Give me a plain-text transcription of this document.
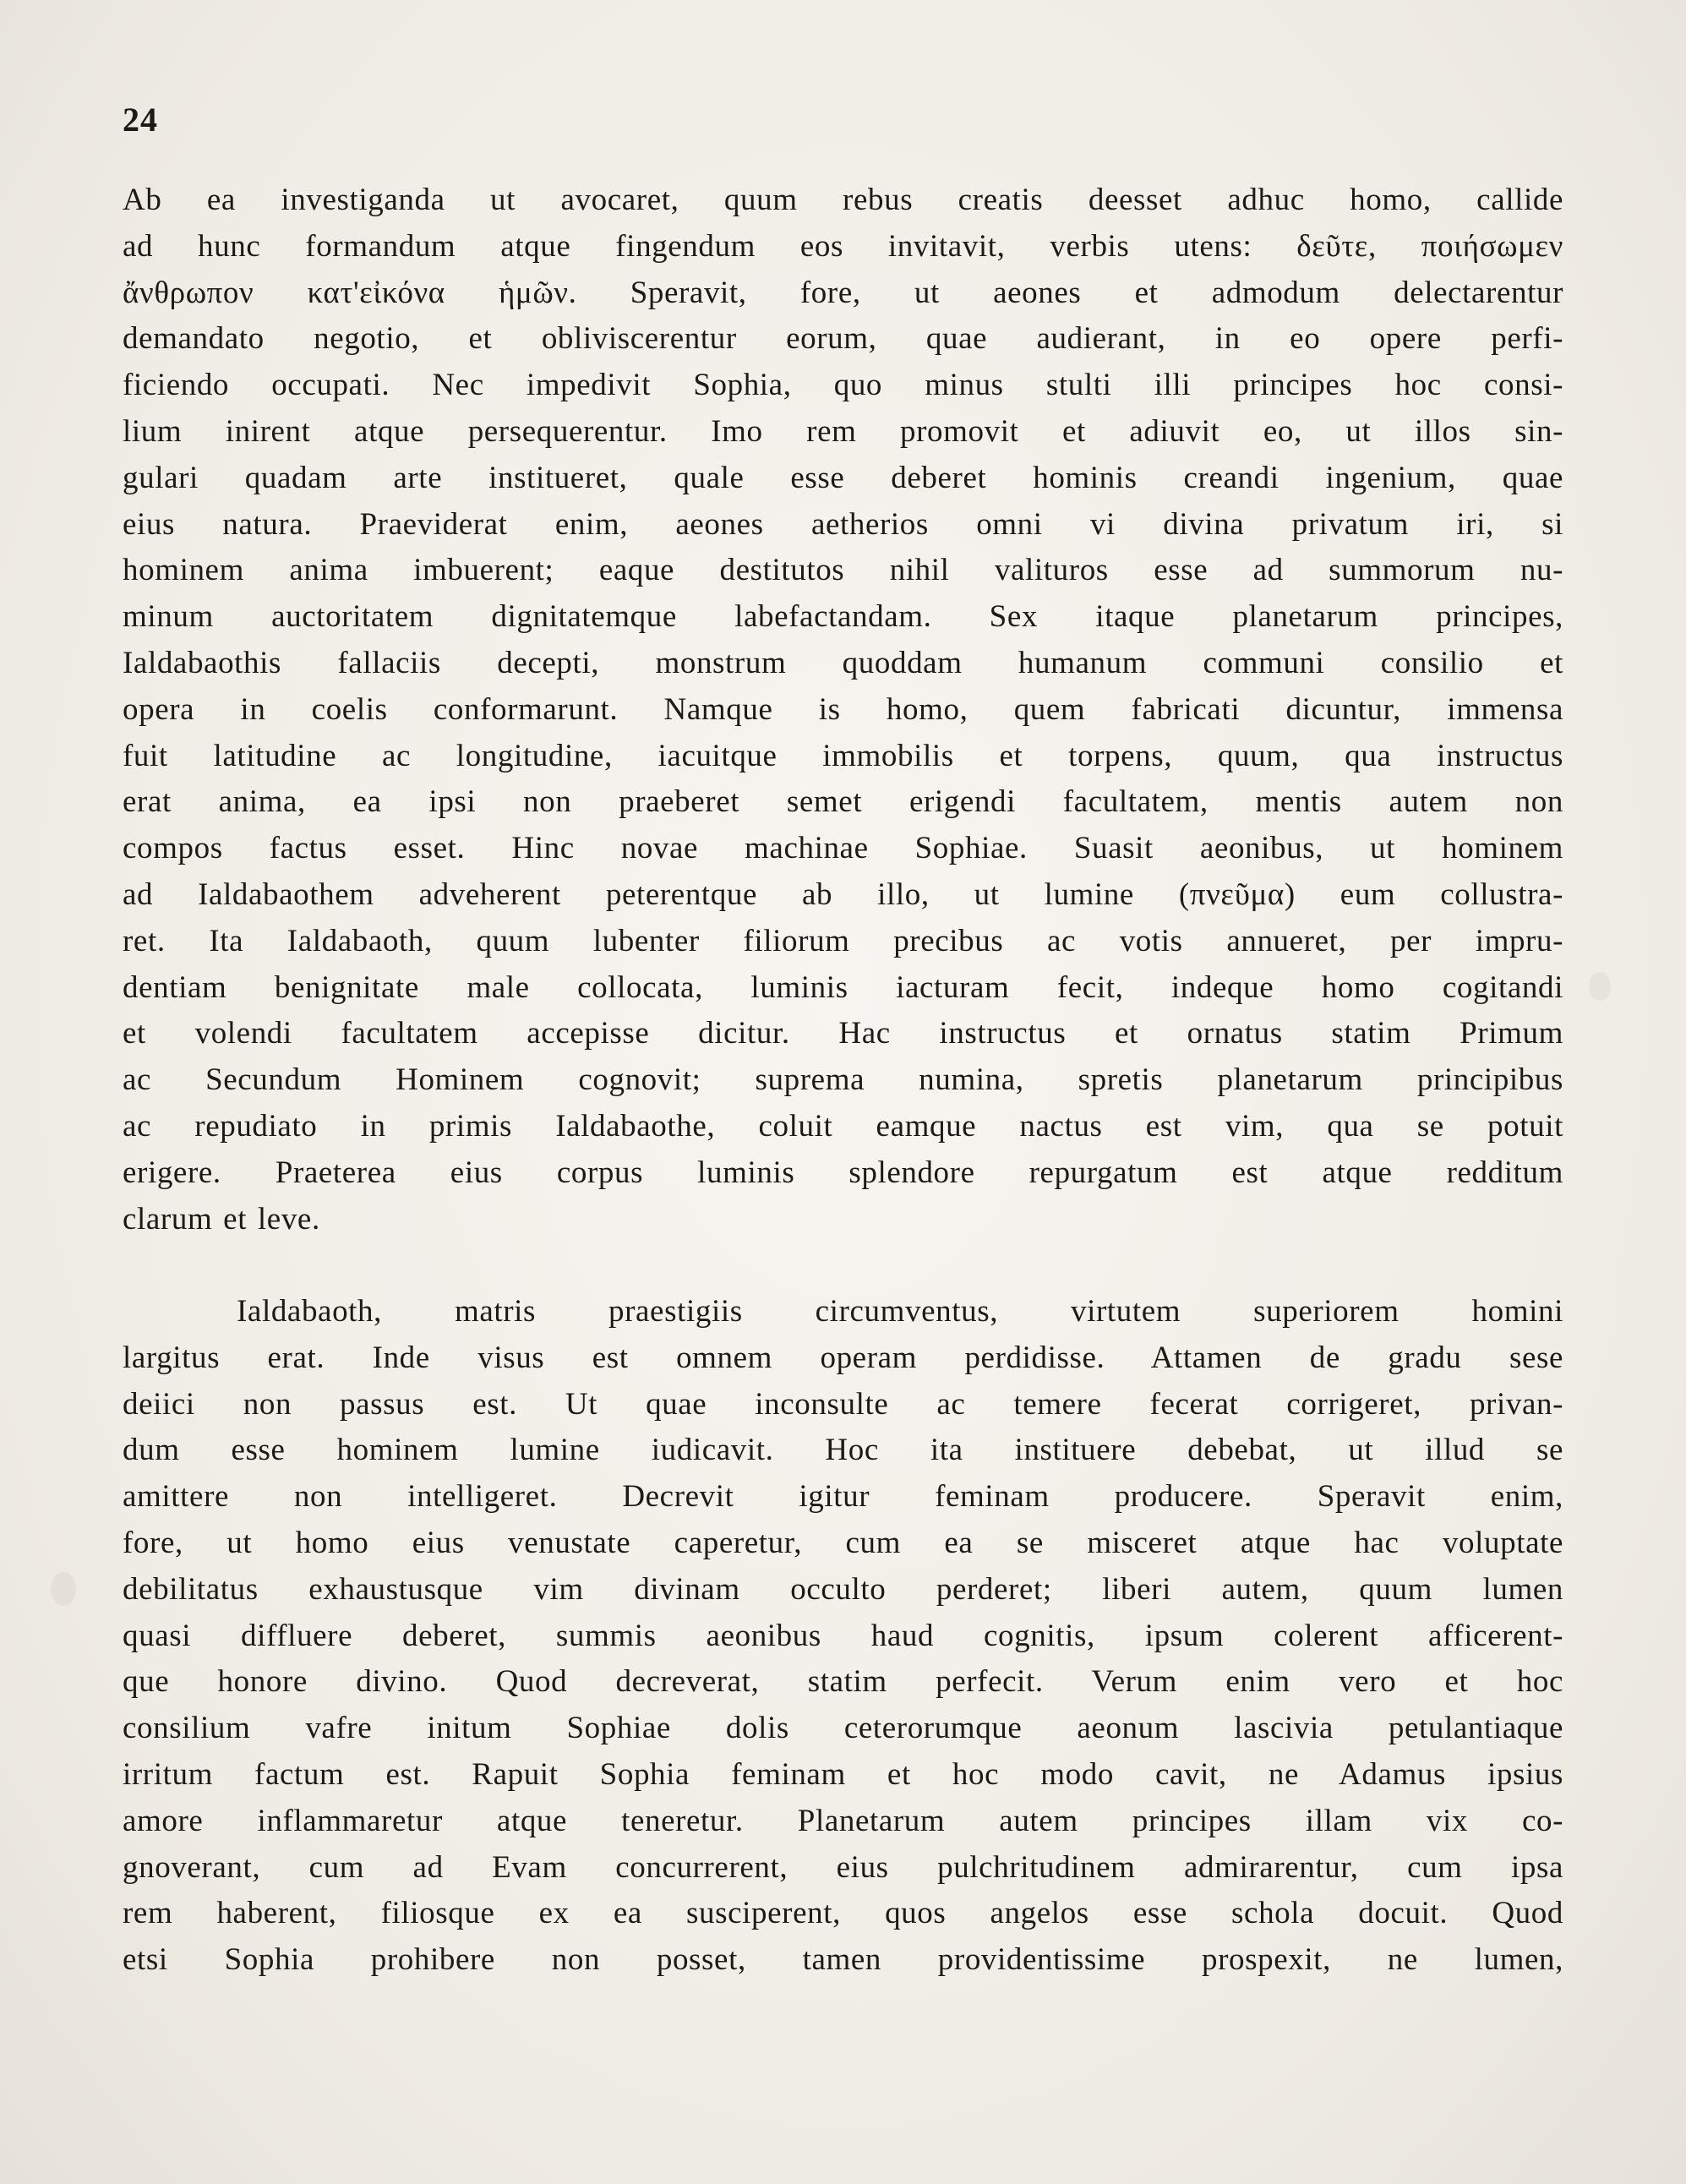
24
Ab ea investiganda ut avocaret, quum rebus creatis deesset adhuc homo, callide
ad hunc formandum atque fingendum eos invitavit, verbis utens: δεῦτε, ποιήσωμεν
ἄνθρωπον κατ'εἰκόνα ἡμῶν. Speravit, fore, ut aeones et admodum delectarentur
demandato negotio, et obliviscerentur eorum, quae audierant, in eo opere perfi-
ficiendo occupati. Nec impedivit Sophia, quo minus stulti illi principes hoc consi-
lium inirent atque persequerentur. Imo rem promovit et adiuvit eo, ut illos sin-
gulari quadam arte institueret, quale esse deberet hominis creandi ingenium, quae
eius natura. Praeviderat enim, aeones aetherios omni vi divina privatum iri, si
hominem anima imbuerent; eaque destitutos nihil valituros esse ad summorum nu-
minum auctoritatem dignitatemque labefactandam. Sex itaque planetarum principes,
Ialdabaothis fallaciis decepti, monstrum quoddam humanum communi consilio et
opera in coelis conformarunt. Namque is homo, quem fabricati dicuntur, immensa
fuit latitudine ac longitudine, iacuitque immobilis et torpens, quum, qua instructus
erat anima, ea ipsi non praeberet semet erigendi facultatem, mentis autem non
compos factus esset. Hinc novae machinae Sophiae. Suasit aeonibus, ut hominem
ad Ialdabaothem adveherent peterentque ab illo, ut lumine (πνεῦμα) eum collustra-
ret. Ita Ialdabaoth, quum lubenter filiorum precibus ac votis annueret, per impru-
dentiam benignitate male collocata, luminis iacturam fecit, indeque homo cogitandi
et volendi facultatem accepisse dicitur. Hac instructus et ornatus statim Primum
ac Secundum Hominem cognovit; suprema numina, spretis planetarum principibus
ac repudiato in primis Ialdabaothe, coluit eamque nactus est vim, qua se potuit
erigere. Praeterea eius corpus luminis splendore repurgatum est atque redditum
clarum et leve.
Ialdabaoth, matris praestigiis circumventus, virtutem superiorem homini
largitus erat. Inde visus est omnem operam perdidisse. Attamen de gradu sese
deiici non passus est. Ut quae inconsulte ac temere fecerat corrigeret, privan-
dum esse hominem lumine iudicavit. Hoc ita instituere debebat, ut illud se
amittere non intelligeret. Decrevit igitur feminam producere. Speravit enim,
fore, ut homo eius venustate caperetur, cum ea se misceret atque hac voluptate
debilitatus exhaustusque vim divinam occulto perderet; liberi autem, quum lumen
quasi diffluere deberet, summis aeonibus haud cognitis, ipsum colerent afficerent-
que honore divino. Quod decreverat, statim perfecit. Verum enim vero et hoc
consilium vafre initum Sophiae dolis ceterorumque aeonum lascivia petulantiaque
irritum factum est. Rapuit Sophia feminam et hoc modo cavit, ne Adamus ipsius
amore inflammaretur atque teneretur. Planetarum autem principes illam vix co-
gnoverant, cum ad Evam concurrerent, eius pulchritudinem admirarentur, cum ipsa
rem haberent, filiosque ex ea susciperent, quos angelos esse schola docuit. Quod
etsi Sophia prohibere non posset, tamen providentissime prospexit, ne lumen,
